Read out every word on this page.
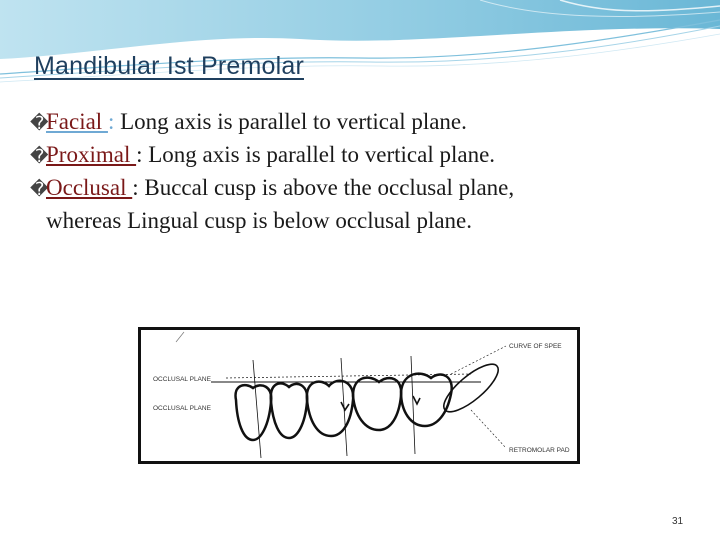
Mandibular Ist Premolar
�Facial : Long axis is parallel to vertical plane.
�Proximal : Long axis is parallel to vertical plane.
�Occlusal : Buccal cusp is above the occlusal plane,
whereas Lingual cusp is below occlusal plane.
OCCLUSAL PLANE
OCCLUSAL PLANE
CURVE OF SPEE
RETROMOLAR PAD
31
